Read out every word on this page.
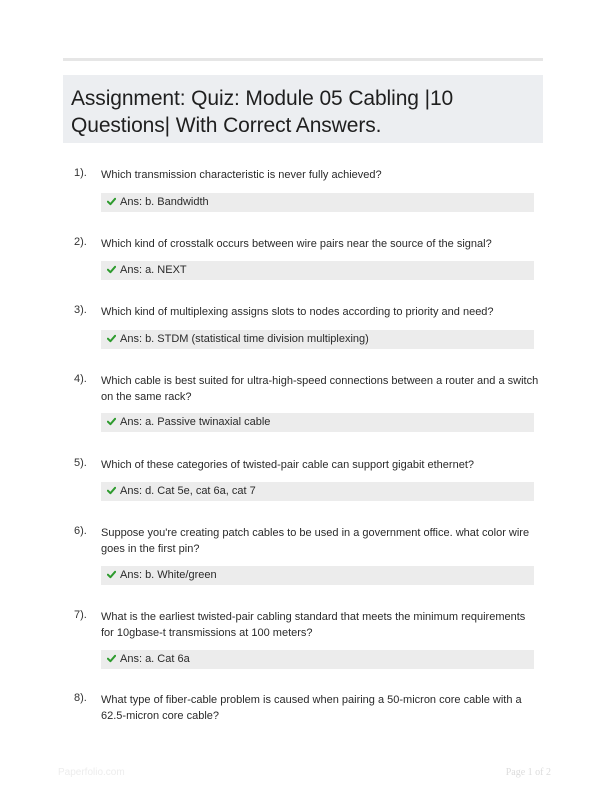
Assignment: Quiz: Module 05 Cabling |10 Questions| With Correct Answers.
1). Which transmission characteristic is never fully achieved?
Ans: b. Bandwidth
2). Which kind of crosstalk occurs between wire pairs near the source of the signal?
Ans: a. NEXT
3). Which kind of multiplexing assigns slots to nodes according to priority and need?
Ans: b. STDM (statistical time division multiplexing)
4). Which cable is best suited for ultra-high-speed connections between a router and a switch on the same rack?
Ans: a. Passive twinaxial cable
5). Which of these categories of twisted-pair cable can support gigabit ethernet?
Ans: d. Cat 5e, cat 6a, cat 7
6). Suppose you're creating patch cables to be used in a government office. what color wire goes in the first pin?
Ans: b. White/green
7). What is the earliest twisted-pair cabling standard that meets the minimum requirements for 10gbase-t transmissions at 100 meters?
Ans: a. Cat 6a
8). What type of fiber-cable problem is caused when pairing a 50-micron core cable with a 62.5-micron core cable?
Paperfolio.com	Page 1 of 2
